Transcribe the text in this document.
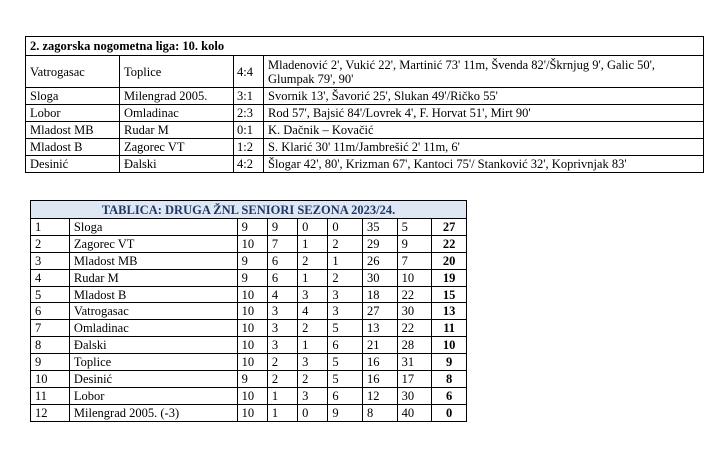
2. zagorska nogometna liga: 10. kolo			
Vatrogasac	Toplice	4:4	Mladenović 2', Vukić 22', Martinić 73' 11m, Švenda 82'/Škrnjug 9', Galic 50', Glumpak 79', 90'
Sloga	Milengrad 2005.	3:1	Svornik 13', Šavorić 25', Slukan 49'/Ričko 55'
Lobor	Omladinac	2:3	Rod 57', Bajsić 84'/Lovrek 4', F. Horvat 51', Mirt 90'
Mladost MB	Rudar M	0:1	K. Dačnik – Kovačić
Mladost B	Zagorec VT	1:2	S. Klarić 30' 11m/Jambrešić 2' 11m, 6'
Desinić	Đalski	4:2	Šlogar 42', 80', Krizman 67', Kantoci 75'/ Stanković 32', Koprivnjak 83'
TABLICA: DRUGA ŽNL SENIORI SEZONA 2023/24.								
1	Sloga	9	9	0	0	35	5	27
2	Zagorec VT	10	7	1	2	29	9	22
3	Mladost MB	9	6	2	1	26	7	20
4	Rudar M	9	6	1	2	30	10	19
5	Mladost B	10	4	3	3	18	22	15
6	Vatrogasac	10	3	4	3	27	30	13
7	Omladinac	10	3	2	5	13	22	11
8	Đalski	10	3	1	6	21	28	10
9	Toplice	10	2	3	5	16	31	9
10	Desinić	9	2	2	5	16	17	8
11	Lobor	10	1	3	6	12	30	6
12	Milengrad 2005. (-3)	10	1	0	9	8	40	0
